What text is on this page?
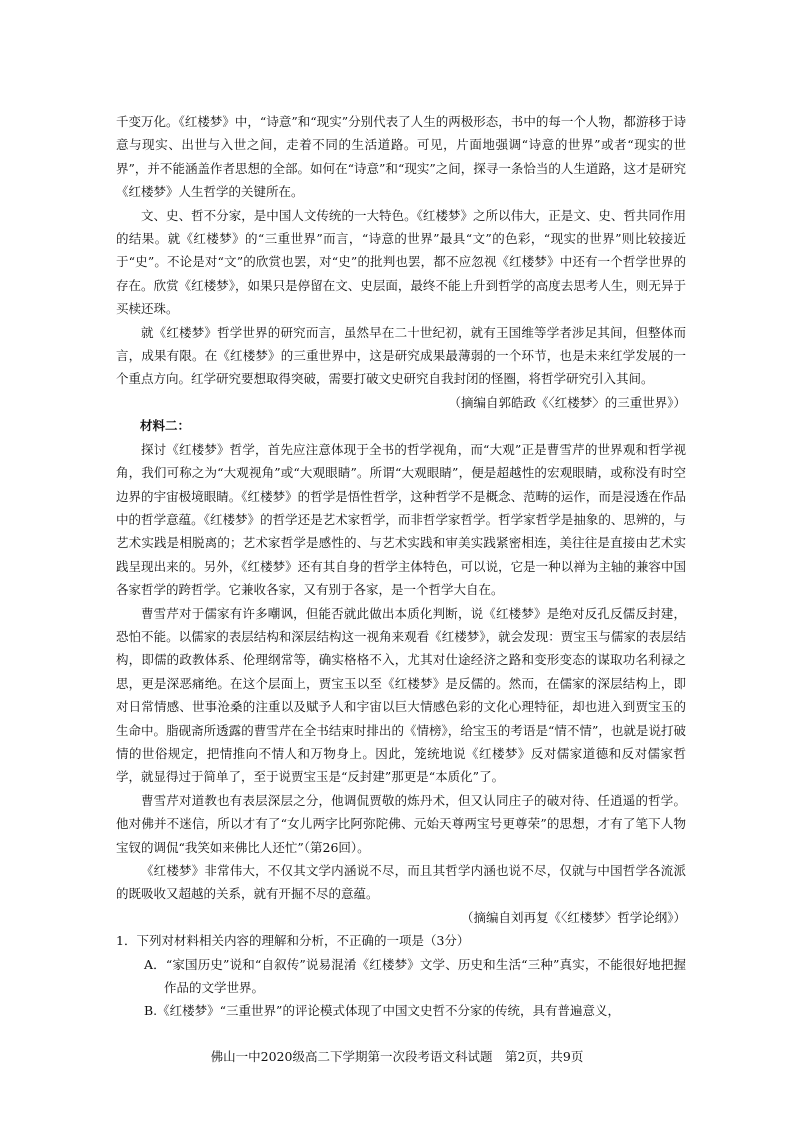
千变万化。《红楼梦》中，“诗意”和“现实”分别代表了人生的两极形态，书中的每一个人物，都游移于诗意与现实、出世与入世之间，走着不同的生活道路。可见，片面地强调“诗意的世界”或者“现实的世界”，并不能涵盖作者思想的全部。如何在“诗意”和“现实”之间，探寻一条恰当的人生道路，这才是研究《红楼梦》人生哲学的关键所在。

文、史、哲不分家，是中国人文传统的一大特色。《红楼梦》之所以伟大，正是文、史、哲共同作用的结果。就《红楼梦》的“三重世界”而言，“诗意的世界”最具“文”的色彩，“现实的世界”则比较接近于“史”。不论是对“文”的欣赏也罢，对“史”的批判也罢，都不应忽视《红楼梦》中还有一个哲学世界的存在。欣赏《红楼梦》，如果只是停留在文、史层面，最终不能上升到哲学的高度去思考人生，则无异于买椟还珠。

就《红楼梦》哲学世界的研究而言，虽然早在二十世纪初，就有王国维等学者涉足其间，但整体而言，成果有限。在《红楼梦》的三重世界中，这是研究成果最薄弱的一个环节，也是未来红学发展的一个重点方向。红学研究要想取得突破，需要打破文史研究自我封闭的怪圈，将哲学研究引入其间。

（摘编自郭皓政《〈红楼梦〉的三重世界》）
材料二：

探讨《红楼梦》哲学，首先应注意体现于全书的哲学视角，而“大观”正是曹雪芹的世界观和哲学视角，我们可称之为“大观视角”或“大观眼睛”。所谓“大观眼睛”，便是超越性的宏观眼睛，或称没有时空边界的宇宙极境眼睛。《红楼梦》的哲学是悟性哲学，这种哲学不是概念、范畴的运作，而是浸透在作品中的哲学意蕴。《红楼梦》的哲学还是艺术家哲学，而非哲学家哲学。哲学家哲学是抽象的、思辨的，与艺术实践是相脱离的；艺术家哲学是感性的、与艺术实践和审美实践紧密相连，美往往是直接由艺术实践呈现出来的。另外，《红楼梦》还有其自身的哲学主体特色，可以说，它是一种以禅为主轴的兼容中国各家哲学的跨哲学。它兼收各家，又有别于各家，是一个哲学大自在。

曹雪芹对于儒家有许多嘲讽，但能否就此做出本质化判断，说《红楼梦》是绝对反孔反儒反封建，恐怕不能。以儒家的表层结构和深层结构这一视角来观看《红楼梦》，就会发现：贾宝玉与儒家的表层结构，即儒的政教体系、伦理纲常等，确实格格不入，尤其对仕途经济之路和变形变态的谋取功名利禄之思，更是深恶痛绝。在这个层面上，贾宝玉以至《红楼梦》是反儒的。然而，在儒家的深层结构上，即对日常情感、世事沧桑的注重以及赋予人和宇宙以巨大情感色彩的文化心理特征，却也进入到贾宝玉的生命中。脂砚斋所透露的曹雪芹在全书结束时排出的《情榜》，给宝玉的考语是“情不情”，也就是说打破情的世俗规定，把情推向不情人和万物身上。因此，笼统地说《红楼梦》反对儒家道德和反对儒家哲学，就显得过于简单了，至于说贾宝玉是“反封建”那更是“本质化”了。

曹雪芹对道教也有表层深层之分，他调侃贾敬的炼丹术，但又认同庄子的破对待、任逍遥的哲学。他对佛并不迷信，所以才有了“女儿两字比阿弥陀佛、元始天尊两宝号更尊荣”的思想，才有了笔下人物宝钗的调侃“我笑如来佛比人还忙”（第26回）。

《红楼梦》非常伟大，不仅其文学内涵说不尽，而且其哲学内涵也说不尽，仅就与中国哲学各流派的既吸收又超越的关系，就有开掘不尽的意蕴。

（摘编自刘再复《〈红楼梦〉哲学论纲》）

1．下列对材料相关内容的理解和分析，不正确的一项是（3分）

A．“家国历史”说和“自叙传”说易混淆《红楼梦》文学、历史和生活“三种”真实，不能很好地把握作品的文学世界。

B.《红楼梦》“三重世界”的评论模式体现了中国文史哲不分家的传统，具有普遍意义，

佛山一中2020级高二下学期第一次段考语文科试题　第2页，共9页
